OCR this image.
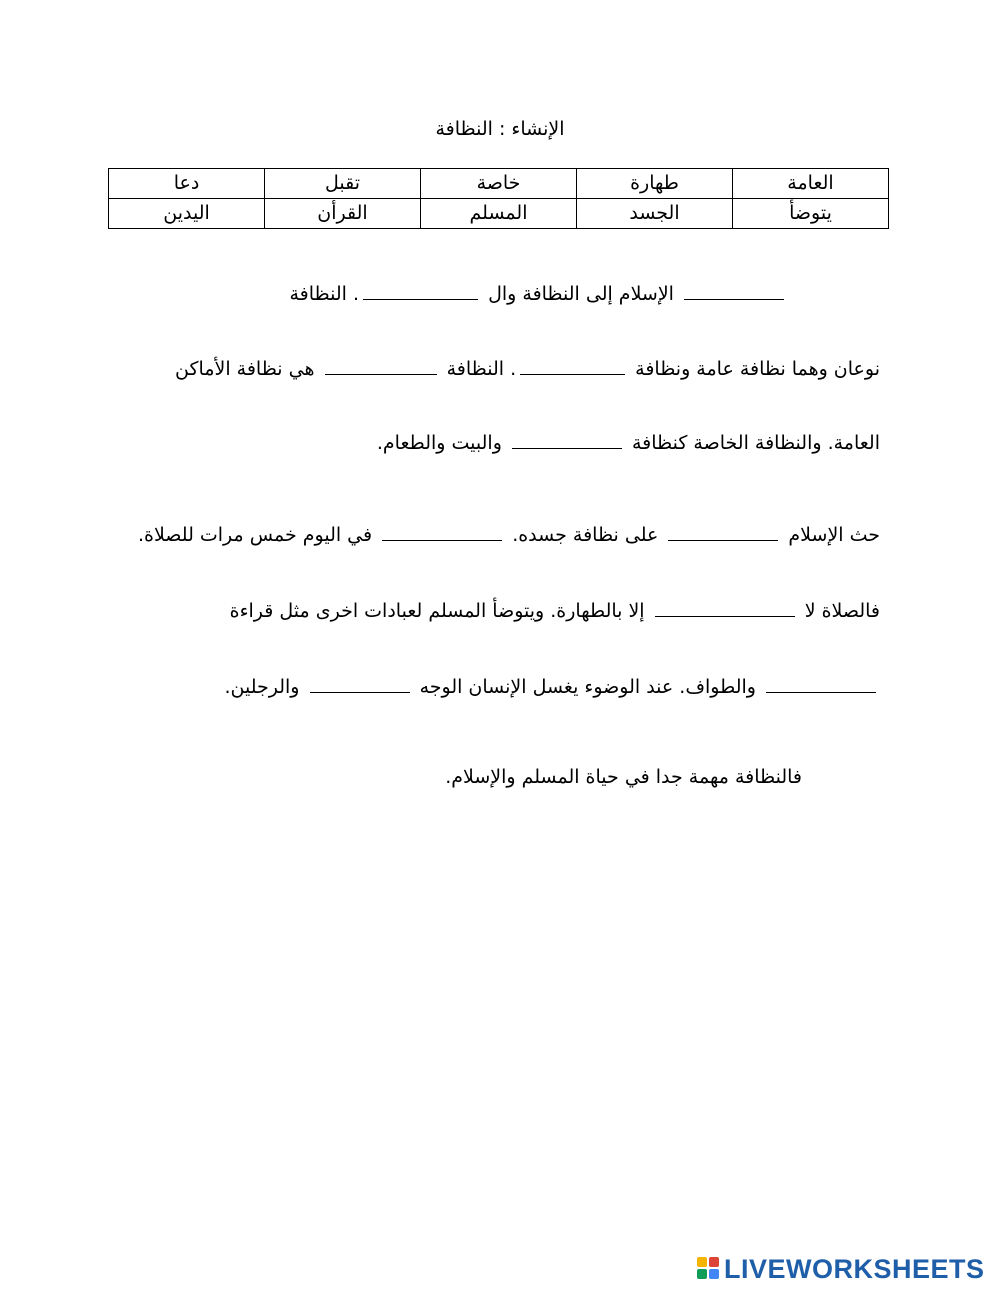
الإنشاء : النظافة
العامة	طهارة	خاصة	تقبل	دعا
يتوضأ	الجسد	المسلم	القرأن	اليدين
الإسلام إلى النظافة وال . النظافة
نوعان وهما نظافة عامة ونظافة . النظافة  هي نظافة الأماكن
العامة. والنظافة الخاصة كنظافة  والبيت والطعام.
حث الإسلام  على نظافة جسده.  في اليوم خمس مرات للصلاة.
فالصلاة لا  إلا بالطهارة. ويتوضأ المسلم لعبادات اخرى مثل قراءة
والطواف. عند الوضوء يغسل الإنسان الوجه  والرجلين.
فالنظافة مهمة جدا في حياة المسلم والإسلام.
LIVEWORKSHEETS
